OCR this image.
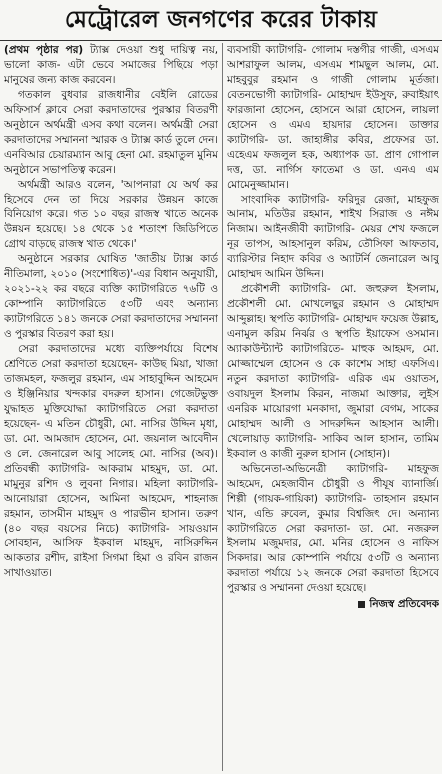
মেট্রোরেল জনগণের করের টাকায়

(প্রথম পৃষ্ঠার পর) ট্যাক্স দেওয়া শুধু দায়িত্ব নয়, ভালো কাজ- এটা ভেবে সমাজের পিছিয়ে পড়া মানুষের জন্য কাজ করবেন।

গতকাল বুধবার রাজধানীর বেইলি রোডের অফিসার্স ক্লাবে সেরা করদাতাদের পুরস্কার বিতরণী অনুষ্ঠানে অর্থমন্ত্রী এসব কথা বলেন। অর্থমন্ত্রী সেরা করদাতাদের সম্মাননা স্মারক ও ট্যাক্স কার্ড তুলে দেন। এনবিআর চেয়ারম্যান আবু হেনা মো. রহমাতুল মুনিম অনুষ্ঠানে সভাপতিত্ব করেন।

অর্থমন্ত্রী আরও বলেন, 'আপনারা যে অর্থ কর হিসেবে দেন তা দিয়ে সরকার উন্নয়ন কাজে বিনিয়োগ করে। গত ১০ বছর রাজস্ব খাতে অনেক উন্নয়ন হয়েছে। ১৪ থেকে ১৫ শতাংশ জিডিপিতে গ্রোথ বাড়ছে রাজস্ব খাত থেকে।'

অনুষ্ঠানে সরকার ঘোষিত 'জাতীয় ট্যাক্স কার্ড নীতিমালা, ২০১০ (সংশোধিত)'-এর বিধান অনুযায়ী, ২০২১-২২ কর বছরে ব্যক্তি ক্যাটাগরিতে ৭৬টি ও কোম্পানি ক্যাটাগরিতে ৫৩টি এবং অন্যান্য ক্যাটাগরিতে ১৪১ জনকে সেরা করদাতাদের সম্মাননা ও পুরস্কার বিতরণ করা হয়।

সেরা করদাতাদের মধ্যে ব্যক্তিপর্যায়ে বিশেষ শ্রেণিতে সেরা করদাতা হয়েছেন- কাউছ মিয়া, খাজা তাজমহল, ফজলুর রহমান, এম সাহাবুদ্দিন আহমেদ ও ইঞ্জিনিয়ার খন্দকার বদরুল হাসান। গেজেটভুক্ত যুদ্ধাহত মুক্তিযোদ্ধা ক্যাটাগরিতে সেরা করদাতা হয়েছেন- এ মতিন চৌধুরী, মো. নাসির উদ্দিন মৃধা, ডা. মো. আমজাদ হোসেন, মো. জয়নাল আবেদীন ও লে. জেনারেল আবু সালেহ মো. নাসির (অব)। প্রতিবন্ধী ক্যাটাগরি- আকরাম মাহমুদ, ডা. মো. মামুনুর রশিদ ও লুবনা নিগার। মহিলা ক্যাটাগরি- আনোয়ারা হোসেন, আমিনা আহমেদ, শাহনাজ রহমান, তাসমীন মাহমুদ ও পারভীন হাসান। তরুণ (৪০ বছর বয়সের নিচে) ক্যাটাগরি- সায়ওয়ান সোবহান, আসিফ ইকবাল মাহমুদ, নাসিরুদ্দিন আকতার রশীদ, রাইসা সিগমা হিমা ও রবিন রাজন সাখাওয়াত।

ব্যবসায়ী ক্যাটাগরি- গোলাম দস্তগীর গাজী, এসএম আশরাফুল আলম, এসএম শামছুল আলম, মো. মাহবুবুর রহমান ও গাজী গোলাম মূর্তজা। বেতনভোগী ক্যাটাগরি- মোহাম্মদ ইউসুফ, রুবাইয়াৎ ফারজানা হোসেন, হোসনে আরা হোসেন, লায়লা হোসেন ও এমএ হায়দার হোসেন। ডাক্তার ক্যাটাগরি- ডা. জাহাঙ্গীর কবির, প্রফেসর ডা. এহেএম ফজলুল হক, অধ্যাপক ডা. প্রাণ গোপাল দত্ত, ডা. নার্গিস ফাতেমা ও ডা. এনএ এম মোমেনুজ্জামান।

সাংবাদিক ক্যাটাগরি- ফরিদুর রেজা, মাহফুজ আনাম, মতিউর রহমান, শাইখ সিরাজ ও নঈম নিজাম। আইনজীবী ক্যাটাগরি- মেয়র শেখ ফজলে নূর তাপস, আহসানুল করিম, তৌসিফা আফতাব, ব্যারিস্টার নিহাদ কবির ও অ্যাটর্নি জেনারেল আবু মোহাম্মদ আমিন উদ্দিন।

প্রকৌশলী ক্যাটাগরি- মো. জহুরুল ইসলাম, প্রকৌশলী মো. মোখলেছুর রহমান ও মোহাম্মদ আব্দুল্লাহ। স্থপতি ক্যাটাগরি- মোহাম্মদ ফয়েজ উল্লাহ, এনামুল করিম নির্ঝর ও স্থপতি ইয়াফেস ওসমান। অ্যাকাউন্ট্যান্ট ক্যাটাগরিতে- মাহুক আহমদ, মো. মোজ্জাম্মেল হোসেন ও কে কাশেম সাহা এফসিএ। নতুন করদাতা ক্যাটাগরি- এরিক এম ওয়াতস, ওবায়দুল ইসলাম কিরন, নাজমা আক্তার, লুইস এনরিক মায়োরগা মনকাদা, জুমারা বেগম, সাকের মোহাম্মদ আলী ও সাদরুদ্দিন আহসান আলী। খেলোয়াড় ক্যাটাগরি- সাকিব আল হাসান, তামিম ইকবাল ও কাজী নুরুল হাসান (সোহান)।

অভিনেতা-অভিনেত্রী ক্যাটাগরি- মাহফুজ আহমেদ, মেহজাবীন চৌধুরী ও পীযূষ ব্যানার্জি। শিল্পী (গায়ক-গায়িকা) ক্যাটাগরি- তাহসান রহমান খান, এন্ডি রুবেল, কুমার বিশ্বজিৎ দে। অন্যান্য ক্যাটাগরিতে সেরা করদাতা- ডা. মো. নজরুল ইসলাম মজুমদার, মো. মনির হোসেন ও নাফিস সিকদার। আর কোম্পানি পর্যায়ে ৫৩টি ও অন্যান্য করদাতা পর্যায়ে ১২ জনকে সেরা করদাতা হিসেবে পুরস্কার ও সম্মাননা দেওয়া হয়েছে।

নিজস্ব প্রতিবেদক
